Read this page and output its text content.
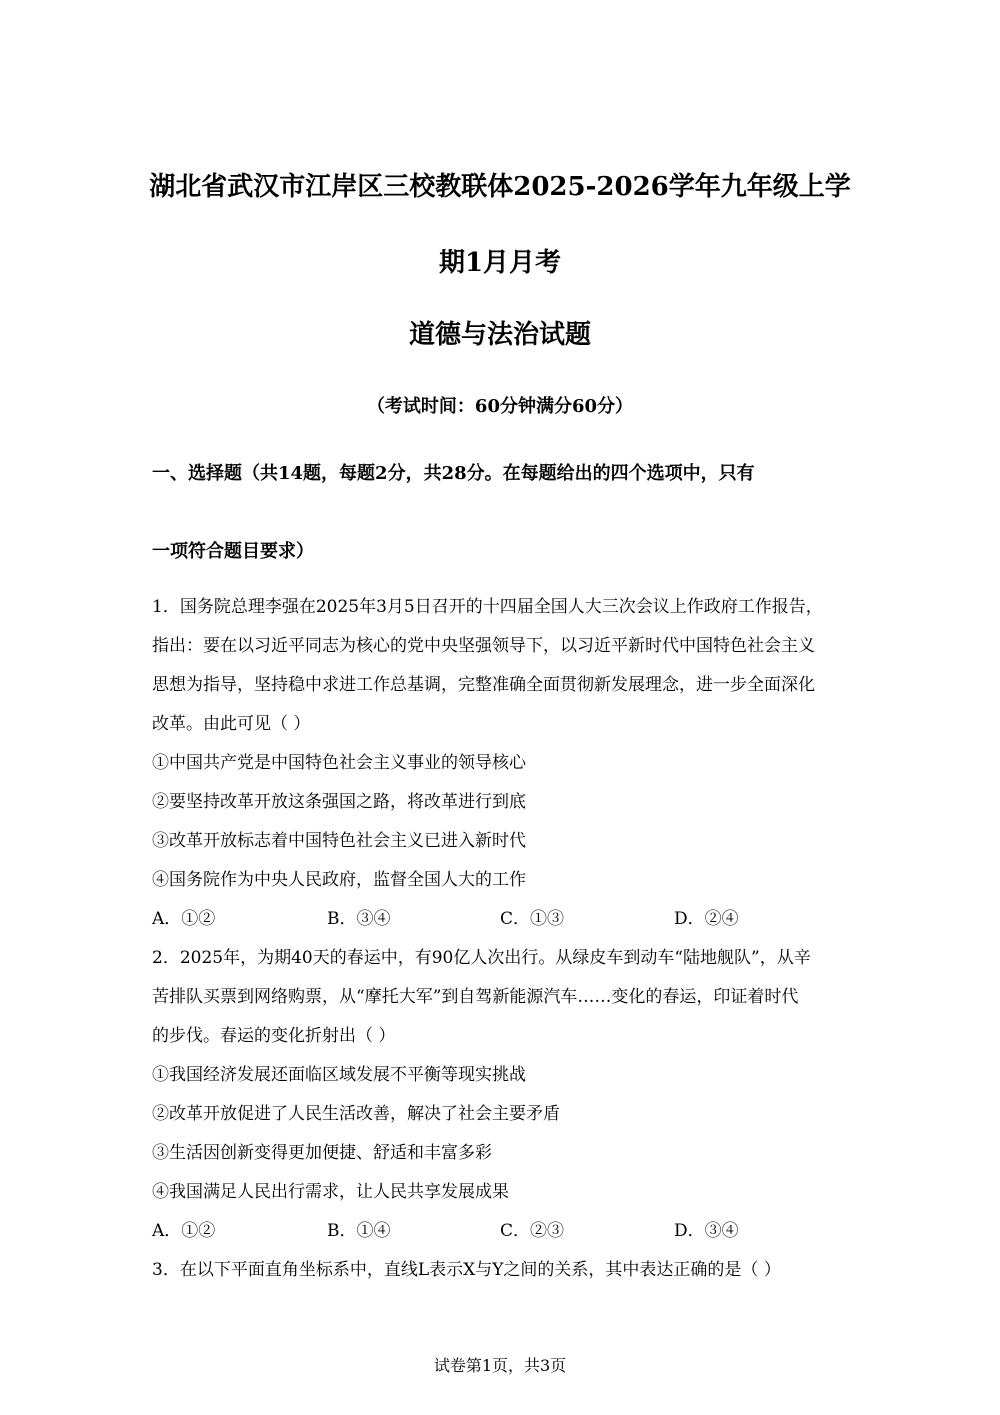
湖北省武汉市江岸区三校教联体2025-2026学年九年级上学
期1月月考
道德与法治试题
（考试时间：60分钟满分60分）
一、选择题（共14题，每题2分，共28分。在每题给出的四个选项中，只有
一项符合题目要求）
1．国务院总理李强在2025年3月5日召开的十四届全国人大三次会议上作政府工作报告，
指出：要在以习近平同志为核心的党中央坚强领导下，以习近平新时代中国特色社会主义
思想为指导，坚持稳中求进工作总基调，完整准确全面贯彻新发展理念，进一步全面深化
改革。由此可见（ ）
①中国共产党是中国特色社会主义事业的领导核心
②要坚持改革开放这条强国之路，将改革进行到底
③改革开放标志着中国特色社会主义已进入新时代
④国务院作为中央人民政府，监督全国人大的工作
A．①②	B．③④	C．①③	D．②④
2．2025年，为期40天的春运中，有90亿人次出行。从绿皮车到动车“陆地舰队”，从辛
苦排队买票到网络购票，从“摩托大军”到自驾新能源汽车……变化的春运，印证着时代
的步伐。春运的变化折射出（ ）
①我国经济发展还面临区域发展不平衡等现实挑战
②改革开放促进了人民生活改善，解决了社会主要矛盾
③生活因创新变得更加便捷、舒适和丰富多彩
④我国满足人民出行需求，让人民共享发展成果
A．①②	B．①④	C．②③	D．③④
3．在以下平面直角坐标系中，直线L表示X与Y之间的关系，其中表达正确的是（ ）
试卷第1页，共3页
